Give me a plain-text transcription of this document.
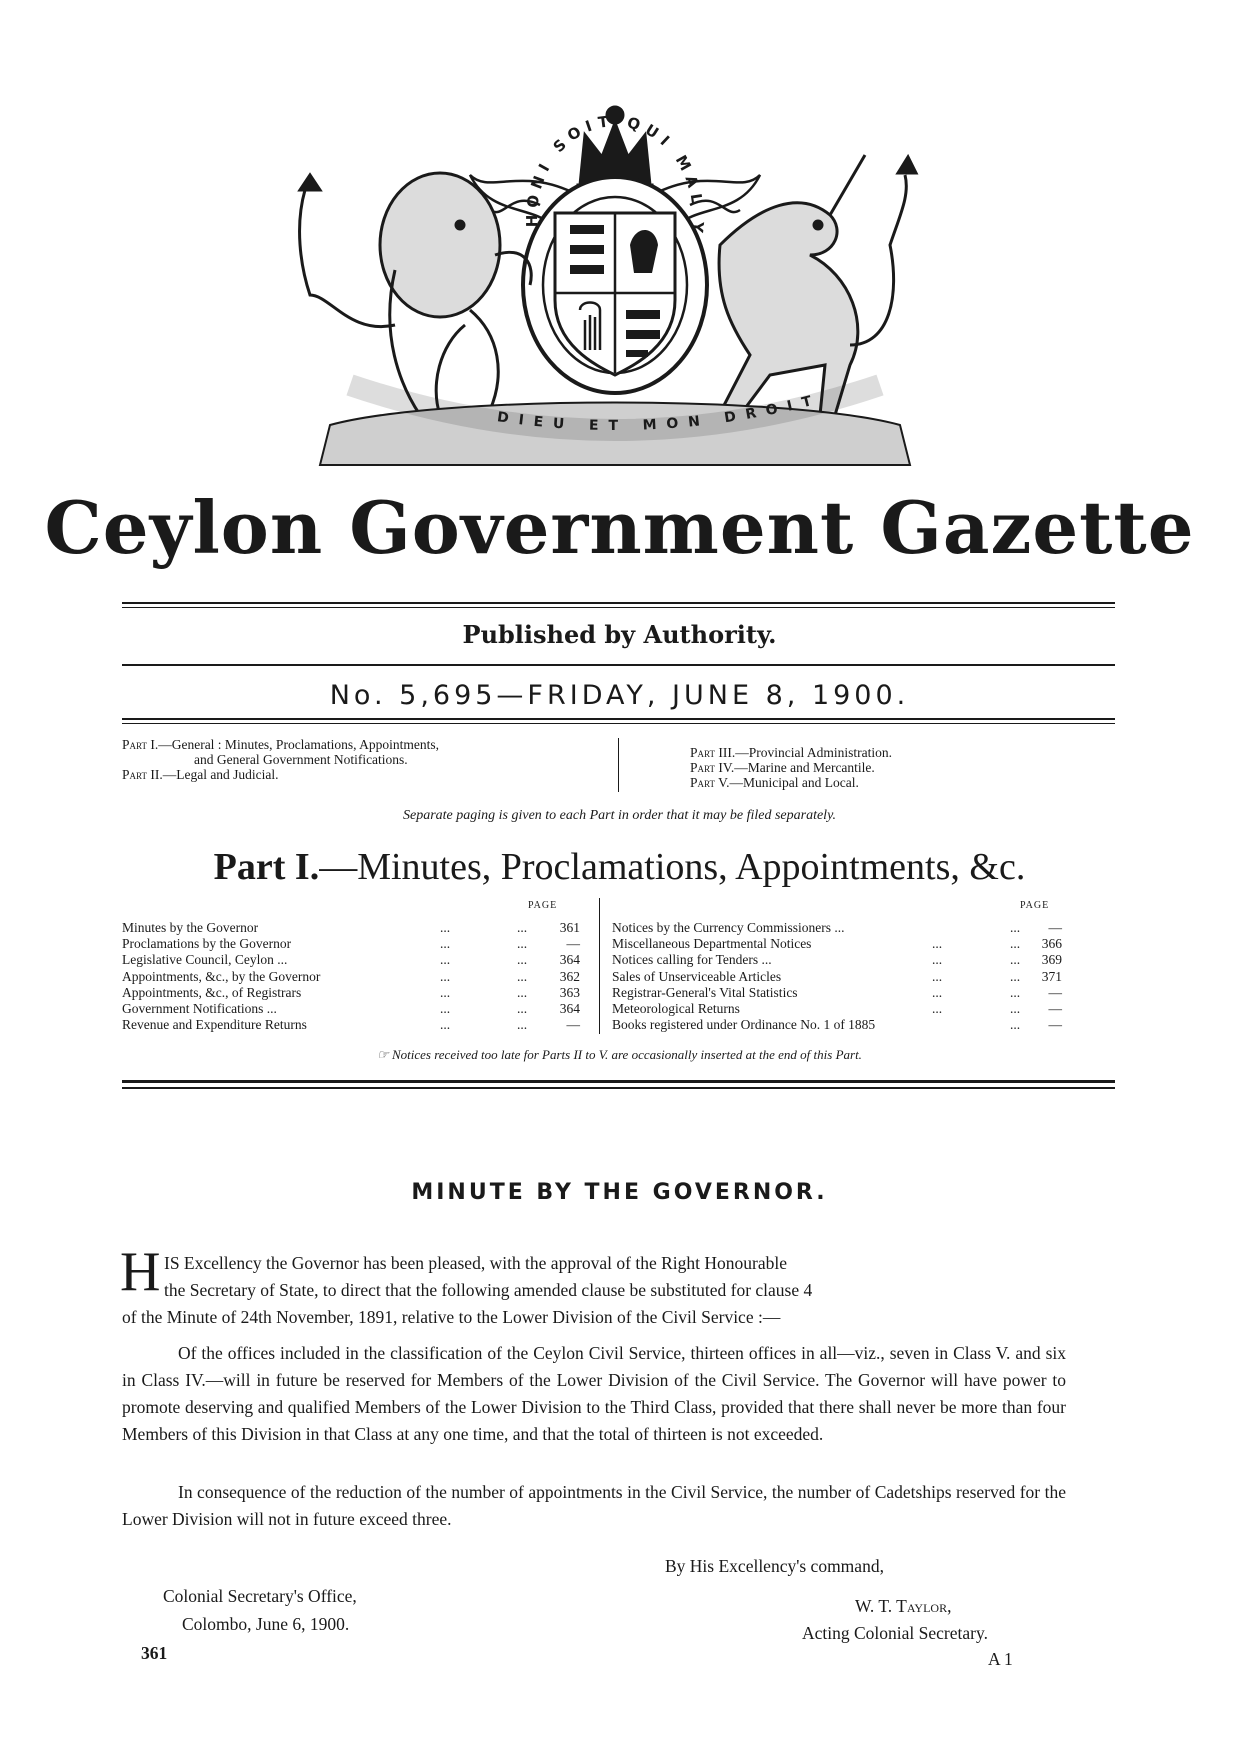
HONI SOIT QUI MAL Y
DIEU ET MON DROIT
Ceylon Government Gazette
Published by Authority.
No. 5,695—FRIDAY, JUNE 8, 1900.
Part I.—General : Minutes, Proclamations, Appointments,
and General Government Notifications.
Part II.—Legal and Judicial.
Part III.—Provincial Administration.
Part IV.—Marine and Mercantile.
Part V.—Municipal and Local.
Separate paging is given to each Part in order that it may be filed separately.
Part I.—Minutes, Proclamations, Appointments, &c.
PAGE	PAGE
Minutes by the Governor	...	...	361
Proclamations by the Governor	...	...	—
Legislative Council, Ceylon ...	...	...	364
Appointments, &c., by the Governor	...	...	362
Appointments, &c., of Registrars	...	...	363
Government Notifications ...	...	...	364
Revenue and Expenditure Returns	...	...	—
Notices by the Currency Commissioners ...	...	—
Miscellaneous Departmental Notices	...	...	366
Notices calling for Tenders ...	...	...	369
Sales of Unserviceable Articles	...	...	371
Registrar-General's Vital Statistics	...	...	—
Meteorological Returns	...	...	—
Books registered under Ordinance No. 1 of 1885	...	—
☞ Notices received too late for Parts II to V. are occasionally inserted at the end of this Part.
MINUTE BY THE GOVERNOR.
H IS Excellency the Governor has been pleased, with the approval of the Right Honourable
the Secretary of State, to direct that the following amended clause be substituted for clause 4
of the Minute of 24th November, 1891, relative to the Lower Division of the Civil Service :—
Of the offices included in the classification of the Ceylon Civil Service, thirteen offices in all—viz., seven in Class V. and six in Class IV.—will in future be reserved for Members of the Lower Division of the Civil Service. The Governor will have power to promote deserving and qualified Members of the Lower Division to the Third Class, provided that there shall never be more than four Members of this Division in that Class at any one time, and that the total of thirteen is not exceeded.
In consequence of the reduction of the number of appointments in the Civil Service, the number of Cadetships reserved for the Lower Division will not in future exceed three.
By His Excellency's command,
W. T. Taylor,
Acting Colonial Secretary.
Colonial Secretary's Office,
Colombo, June 6, 1900.
361	A 1
